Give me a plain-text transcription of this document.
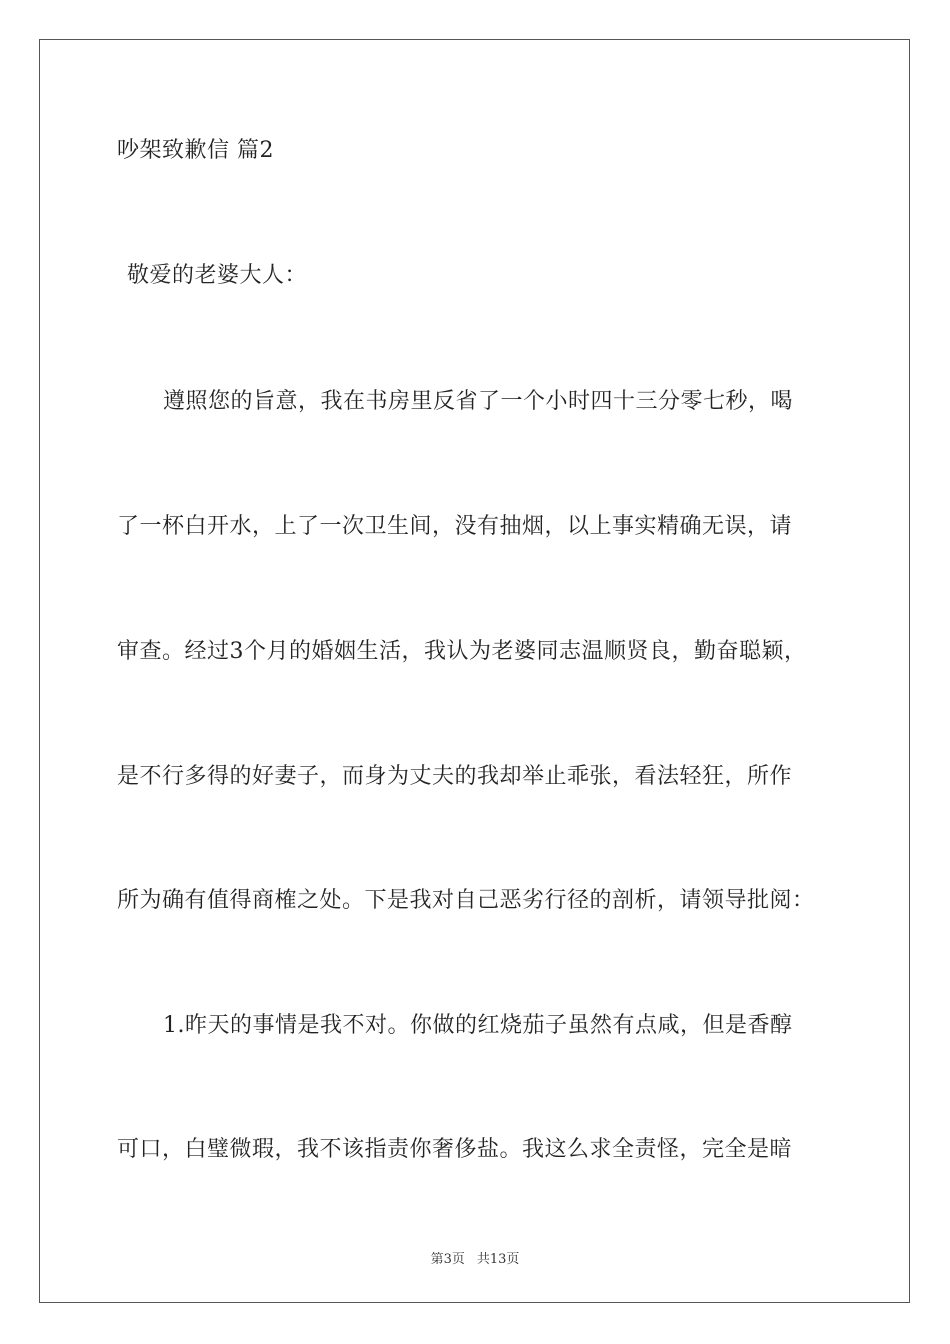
吵架致歉信 篇2
敬爱的老婆大人：
遵照您的旨意，我在书房里反省了一个小时四十三分零七秒，喝
了一杯白开水，上了一次卫生间，没有抽烟，以上事实精确无误，请
审查。经过3个月的婚姻生活，我认为老婆同志温顺贤良，勤奋聪颖，
是不行多得的好妻子，而身为丈夫的我却举止乖张，看法轻狂，所作
所为确有值得商榷之处。下是我对自己恶劣行径的剖析，请领导批阅：
1.昨天的事情是我不对。你做的红烧茄子虽然有点咸，但是香醇
可口，白璧微瑕，我不该指责你奢侈盐。我这么求全责怪，完全是暗
第3页 共13页
